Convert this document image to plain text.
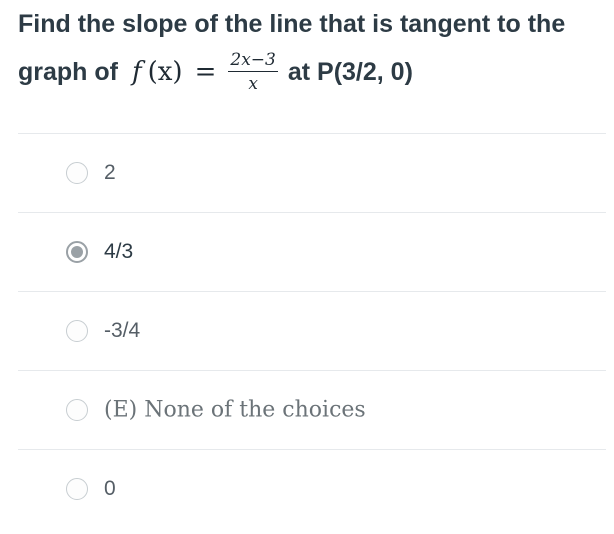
Find the slope of the line that is tangent to the
graph of f $(x) = \frac{2x-3}{x}$ at P(3/2, 0)
2
4/3
-3/4
(E) None of the choices
0
